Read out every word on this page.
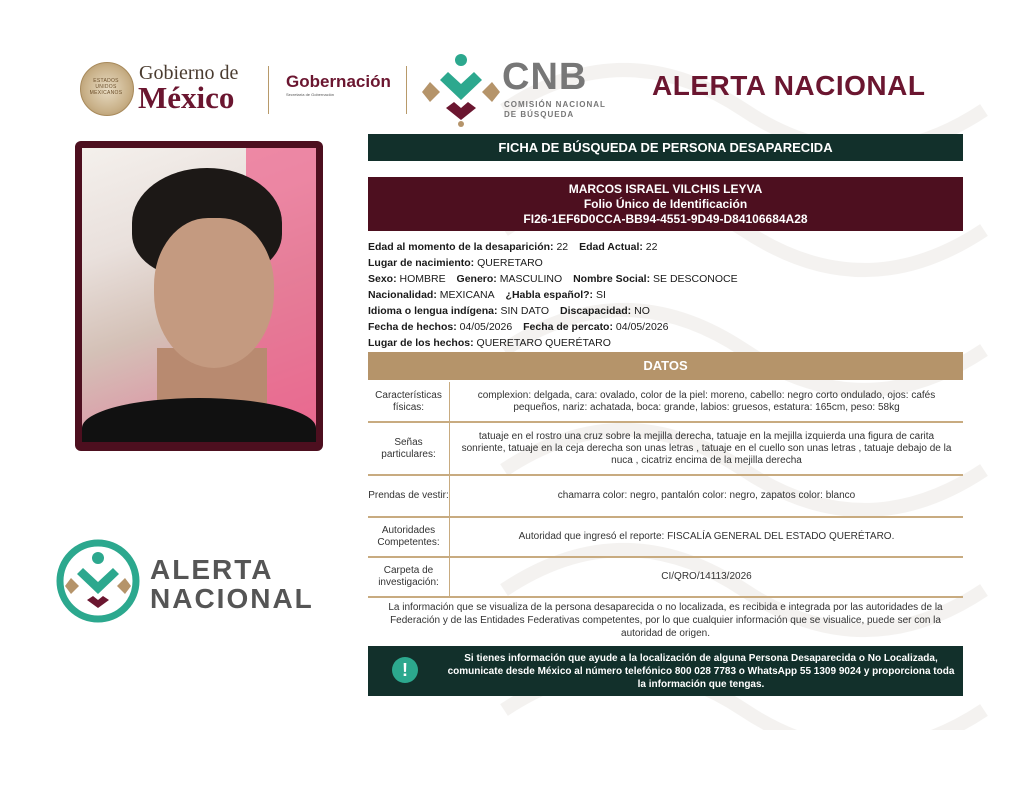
ESTADOS UNIDOS MEXICANOS
Gobierno de
México	Gobernación
Secretaría de Gobernación	CNB
COMISIÓN NACIONAL
DE BÚSQUEDA
ALERTA NACIONAL
ALERTA
NACIONAL
FICHA DE BÚSQUEDA DE PERSONA DESAPARECIDA
MARCOS ISRAEL VILCHIS LEYVA
Folio Único de Identificación
FI26-1EF6D0CCA-BB94-4551-9D49-D84106684A28
Edad al momento de la desaparición: 22 Edad Actual: 22
Lugar de nacimiento: QUERETARO
Sexo: HOMBRE Genero: MASCULINO Nombre Social: SE DESCONOCE
Nacionalidad: MEXICANA ¿Habla español?: SI
Idioma o lengua indígena: SIN DATO Discapacidad: NO
Fecha de hechos: 04/05/2026 Fecha de percato: 04/05/2026
Lugar de los hechos: QUERETARO QUERÉTARO
DATOS
Características físicas:
complexion: delgada, cara: ovalado, color de la piel: moreno, cabello: negro corto ondulado, ojos: cafés pequeños, nariz: achatada, boca: grande, labios: gruesos, estatura: 165cm, peso: 58kg
Señas particulares:
tatuaje en el rostro una cruz sobre la mejilla derecha, tatuaje en la mejilla izquierda una figura de carita sonriente, tatuaje en la ceja derecha son unas letras , tatuaje en el cuello son unas letras , tatuaje debajo de la nuca , cicatriz encima de la mejilla derecha
Prendas de vestir:	chamarra color: negro, pantalón color: negro, zapatos color: blanco
Autoridades Competentes:
Autoridad que ingresó el reporte: FISCALÍA GENERAL DEL ESTADO QUERÉTARO.
Carpeta de investigación:
CI/QRO/14113/2026
La información que se visualiza de la persona desaparecida o no localizada, es recibida e integrada por las autoridades de la Federación y de las Entidades Federativas competentes, por lo que cualquier información que se visualice, puede ser con la autoridad de origen.
!
Si tienes información que ayude a la localización de alguna Persona Desaparecida o No Localizada, comunicate desde México al número telefónico 800 028 7783 o WhatsApp 55 1309 9024 y proporciona toda la información que tengas.
